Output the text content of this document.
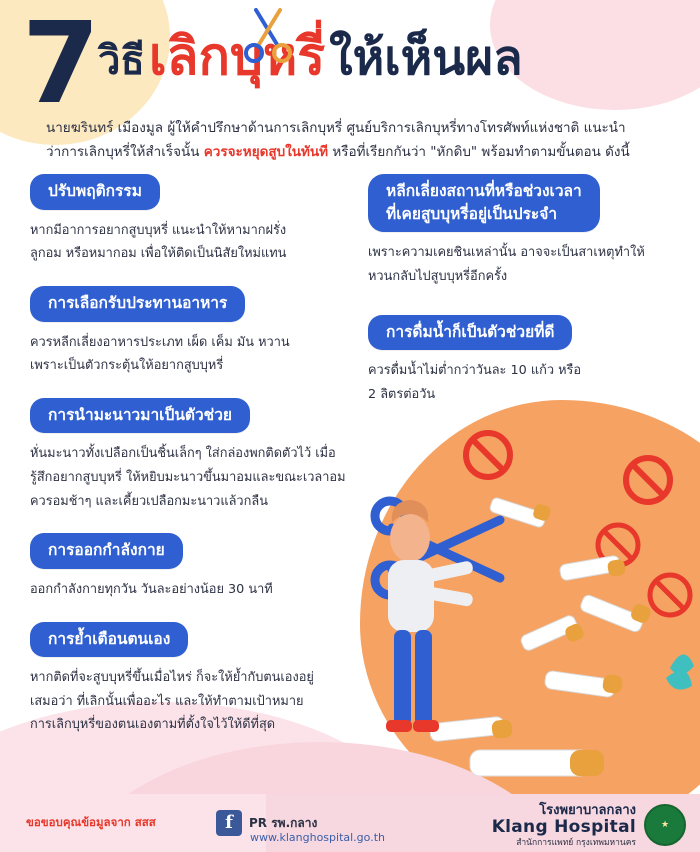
7 วิธี เลิกบุหรี่ ให้เห็นผล
นายฆรินทร์ เมืองมูล ผู้ให้คำปรึกษาด้านการเลิกบุหรี่ ศูนย์บริการเลิกบุหรี่ทางโทรศัพท์แห่งชาติ แนะนำ
ว่าการเลิกบุหรี่ให้สำเร็จนั้น ควรจะหยุดสูบในทันที หรือที่เรียกกันว่า "หักดิบ" พร้อมทำตามขั้นตอน ดังนี้
ปรับพฤติกรรม

หากมีอาการอยากสูบบุหรี่ แนะนำให้หามากฝรั่ง
ลูกอม หรือหมากอม เพื่อให้ติดเป็นนิสัยใหม่แทน

การเลือกรับประทานอาหาร

ควรหลีกเลี่ยงอาหารประเภท เผ็ด เค็ม มัน หวาน
เพราะเป็นตัวกระตุ้นให้อยากสูบบุหรี่

การนำมะนาวมาเป็นตัวช่วย

หั่นมะนาวทั้งเปลือกเป็นชิ้นเล็กๆ ใส่กล่องพกติดตัวไว้ เมื่อ
รู้สึกอยากสูบบุหรี่ ให้หยิบมะนาวขึ้นมาอมและขณะเวลาอม
ควรอมช้าๆ และเคี้ยวเปลือกมะนาวแล้วกลืน

การออกกำลังกาย

ออกกำลังกายทุกวัน วันละอย่างน้อย 30 นาที

การย้ำเตือนตนเอง

หากติดที่จะสูบบุหรี่ขึ้นเมื่อไหร่ ก็จะให้ย้ำกับตนเองอยู่
เสมอว่า ที่เลิกนั้นเพื่ออะไร และให้ทำตามเป้าหมาย
การเลิกบุหรี่ของตนเองตามที่ตั้งใจไว้ให้ดีที่สุด

หลีกเลี่ยงสถานที่หรือช่วงเวลา
ที่เคยสูบบุหรี่อยู่เป็นประจำ

เพราะความเคยชินเหล่านั้น อาจจะเป็นสาเหตุทำให้
หวนกลับไปสูบบุหรี่อีกครั้ง

การดื่มน้ำก็เป็นตัวช่วยที่ดี

ควรดื่มน้ำไม่ต่ำกว่าวันละ 10 แก้ว หรือ
2 ลิตรต่อวัน

ขอขอบคุณข้อมูลจาก สสส	f	PR รพ.กลาง
www.klanghospital.go.th
โรงพยาบาลกลาง
Klang Hospital
สำนักการแพทย์ กรุงเทพมหานคร
★
